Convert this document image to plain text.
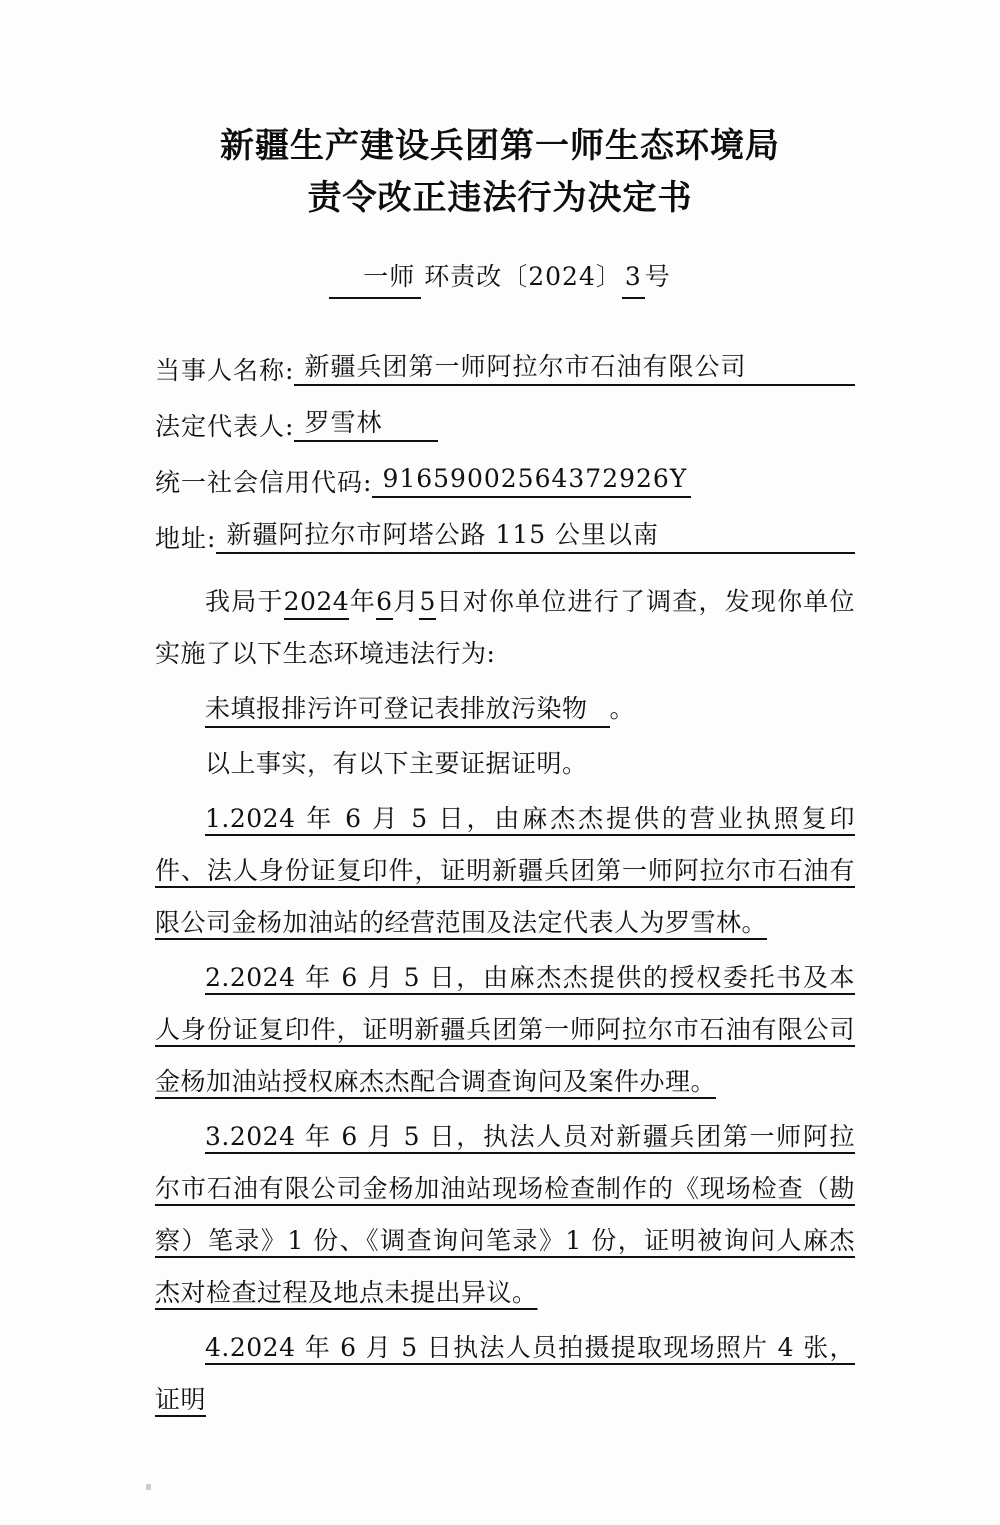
新疆生产建设兵团第一师生态环境局
责令改正违法行为决定书
一师 环责改〔2024〕 3 号
当事人名称: 新疆兵团第一师阿拉尔市石油有限公司
法定代表人: 罗雪林
统一社会信用代码: 91659002564372926Y
地址: 新疆阿拉尔市阿塔公路 115 公里以南

我局于2024年6月5日对你单位进行了调查，发现你单位实施了以下生态环境违法行为:

未填报排污许可登记表排放污染物 。

以上事实，有以下主要证据证明。

1.2024 年 6 月 5 日，由麻杰杰提供的营业执照复印件、法人身份证复印件，证明新疆兵团第一师阿拉尔市石油有限公司金杨加油站的经营范围及法定代表人为罗雪林。

2.2024 年 6 月 5 日，由麻杰杰提供的授权委托书及本人身份证复印件，证明新疆兵团第一师阿拉尔市石油有限公司金杨加油站授权麻杰杰配合调查询问及案件办理。

3.2024 年 6 月 5 日，执法人员对新疆兵团第一师阿拉尔市石油有限公司金杨加油站现场检查制作的《现场检查（勘察）笔录》1 份、《调查询问笔录》1 份，证明被询问人麻杰杰对检查过程及地点未提出异议。

4.2024 年 6 月 5 日执法人员拍摄提取现场照片 4 张，证明
